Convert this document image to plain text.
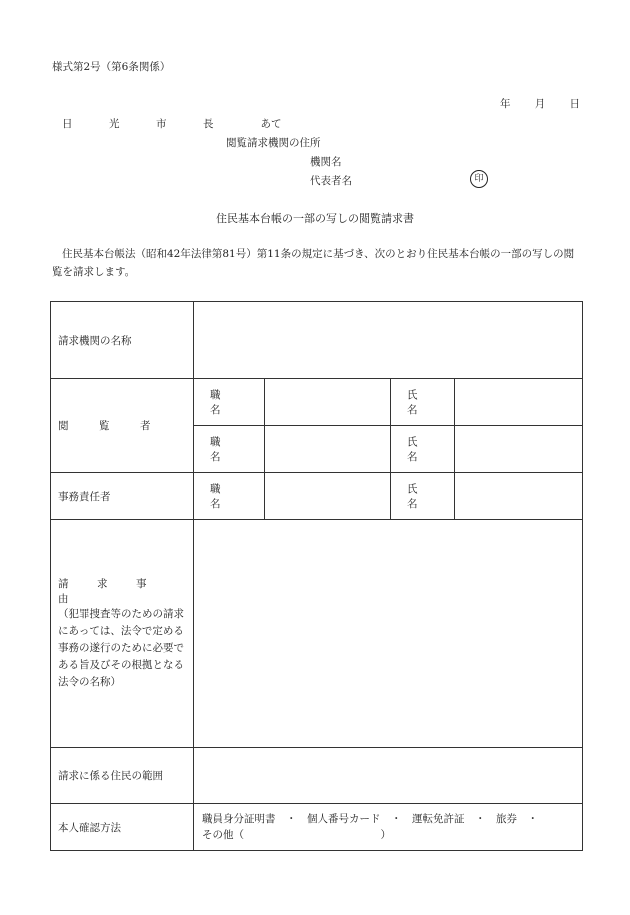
様式第2号（第6条関係）
年 月 日
日　光　市　長	あて
閲覧請求機関の住所
機関名
代表者名	印
住民基本台帳の一部の写しの閲覧請求書
住民基本台帳法（昭和42年法律第81号）第11条の規定に基づき、次のとおり住民基本台帳の一部の写しの閲覧を請求します。
請求機関の名称				
閲　覧　者	職　名		氏　名	
	職　名		氏　名	
事務責任者	職　名		氏　名	

請　求　事　由
（犯罪捜査等のための請求にあっては、法令で定める事務の遂行のために必要である旨及びその根拠となる法令の名称）				

請求に係る住民の範囲				
本人確認方法	職員身分証明書　・　個人番号カード　・　運転免許証　・　旅券　・
その他（　　　　　　　　　　　　　）			
